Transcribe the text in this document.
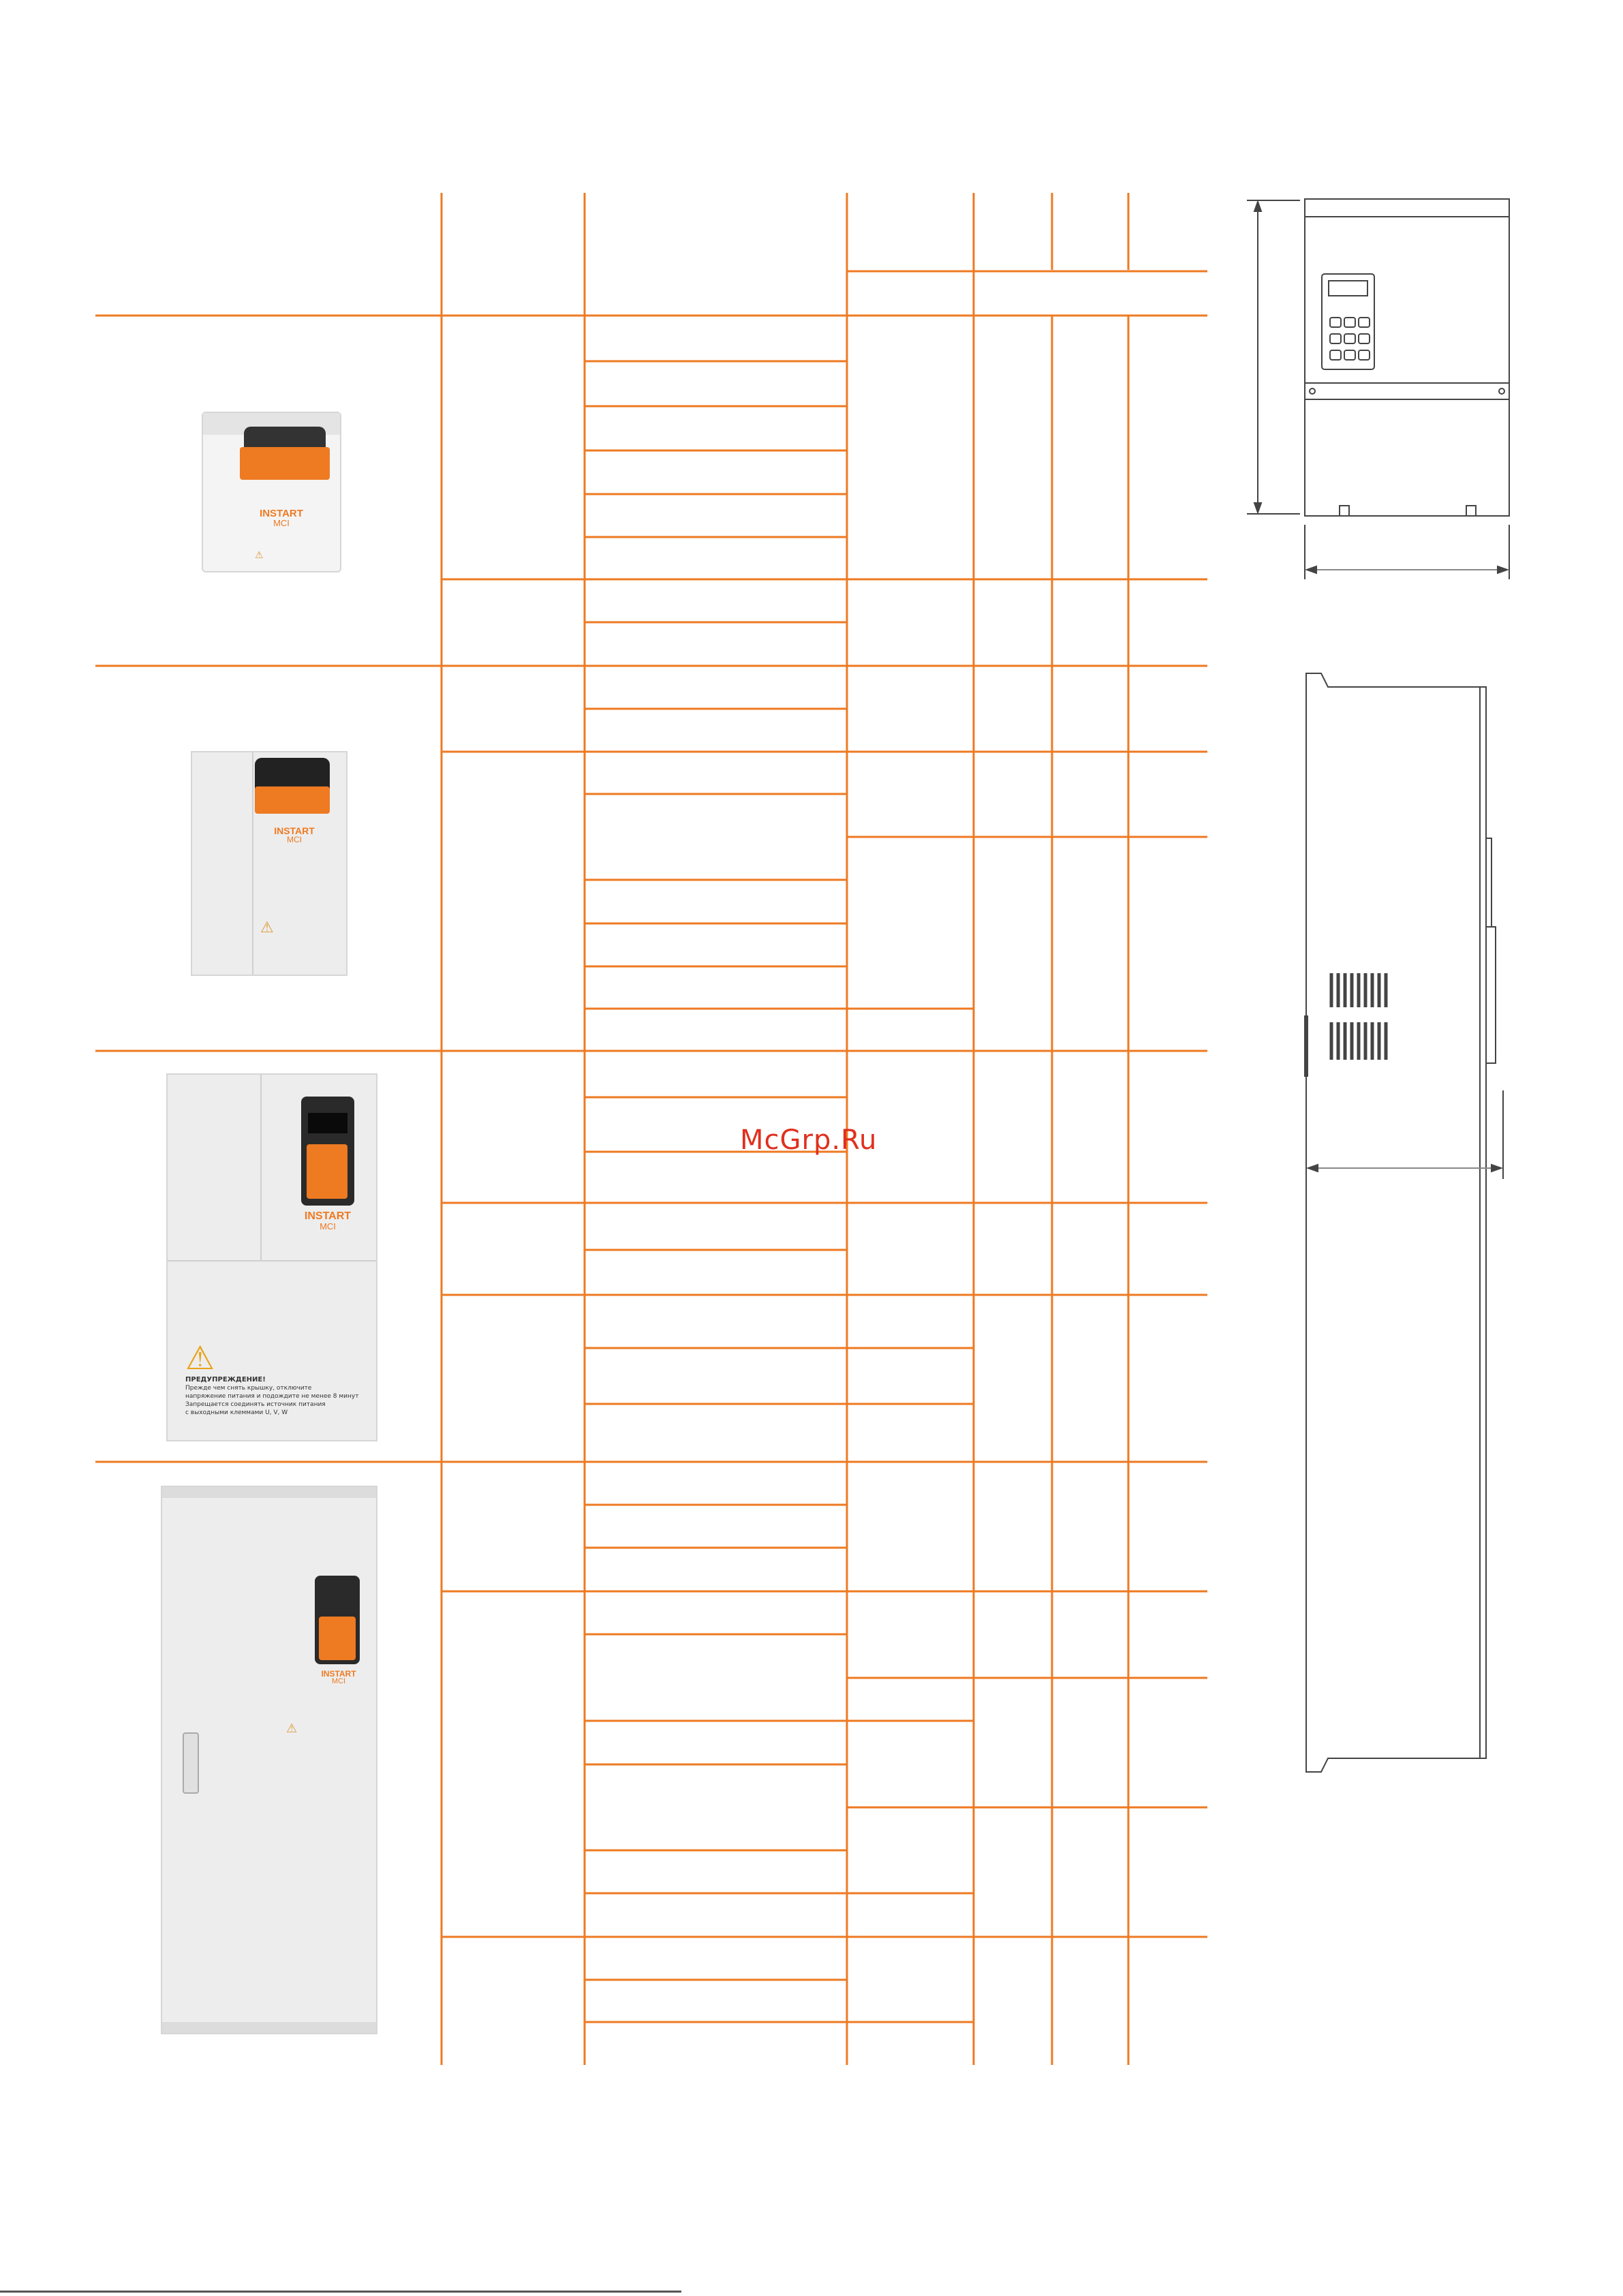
INSTART
MCI
⚠
INSTART
MCI
⚠
INSTART
MCI
⚠
ПРЕДУПРЕЖДЕНИЕ!
Прежде чем снять крышку, отключите
напряжение питания и подождите не менее 8 минут
Запрещается соединять источник питания
с выходными клеммами U, V, W
INSTART
MCI
⚠
McGrp.Ru
